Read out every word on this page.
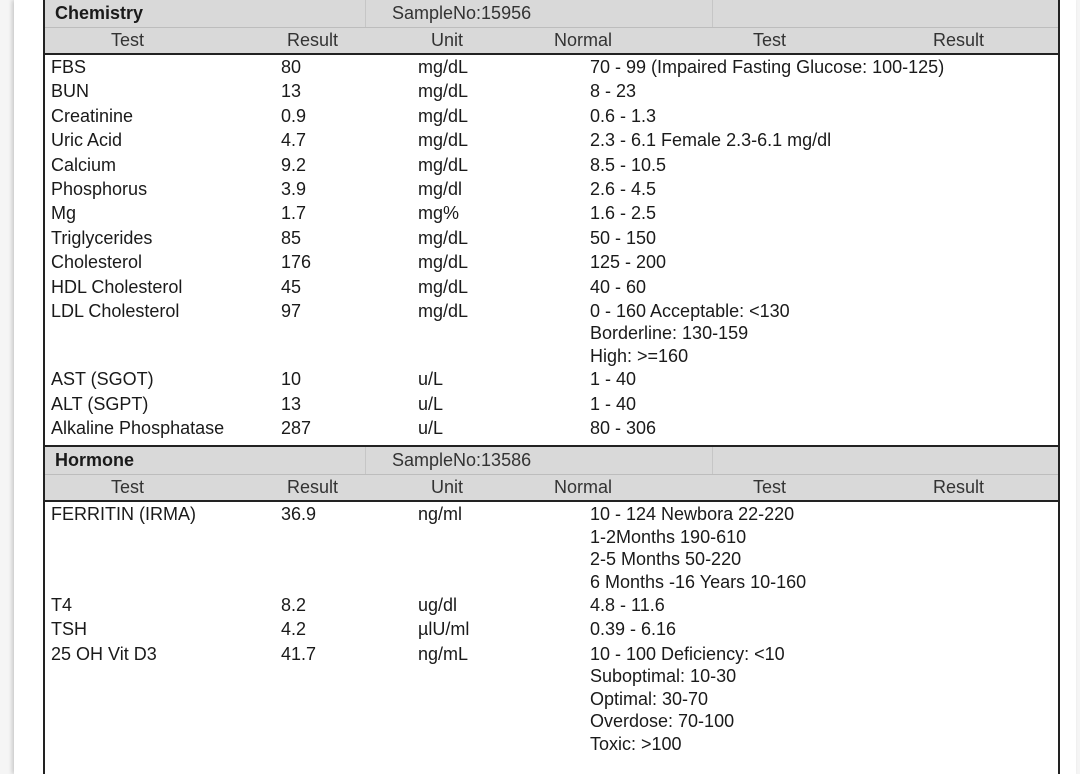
Chemistry	SampleNo:15956
Test	Result	Unit	Normal	Test	Result
FBS	80	mg/dL	70 - 99 (Impaired Fasting Glucose: 100-125)
BUN	13	mg/dL	8 - 23
Creatinine	0.9	mg/dL	0.6 - 1.3
Uric Acid	4.7	mg/dL	2.3 - 6.1 Female 2.3-6.1 mg/dl
Calcium	9.2	mg/dL	8.5 - 10.5
Phosphorus	3.9	mg/dl	2.6 - 4.5
Mg	1.7	mg%	1.6 - 2.5
Triglycerides	85	mg/dL	50 - 150
Cholesterol	176	mg/dL	125 - 200
HDL Cholesterol	45	mg/dL	40 - 60
LDL Cholesterol	97	mg/dL	0 - 160 Acceptable: <130
Borderline: 130-159
High: >=160
AST (SGOT)	10	u/L	1 - 40
ALT (SGPT)	13	u/L	1 - 40
Alkaline Phosphatase	287	u/L	80 - 306
Hormone	SampleNo:13586
Test	Result	Unit	Normal	Test	Result
FERRITIN (IRMA)	36.9	ng/ml	10 - 124 Newbora 22-220
1-2Months 190-610
2-5 Months 50-220
6 Months -16 Years 10-160
T4	8.2	ug/dl	4.8 - 11.6
TSH	4.2	µlU/ml	0.39 - 6.16
25 OH Vit D3	41.7	ng/mL	10 - 100 Deficiency: <10
Suboptimal: 10-30
Optimal: 30-70
Overdose: 70-100
Toxic: >100
